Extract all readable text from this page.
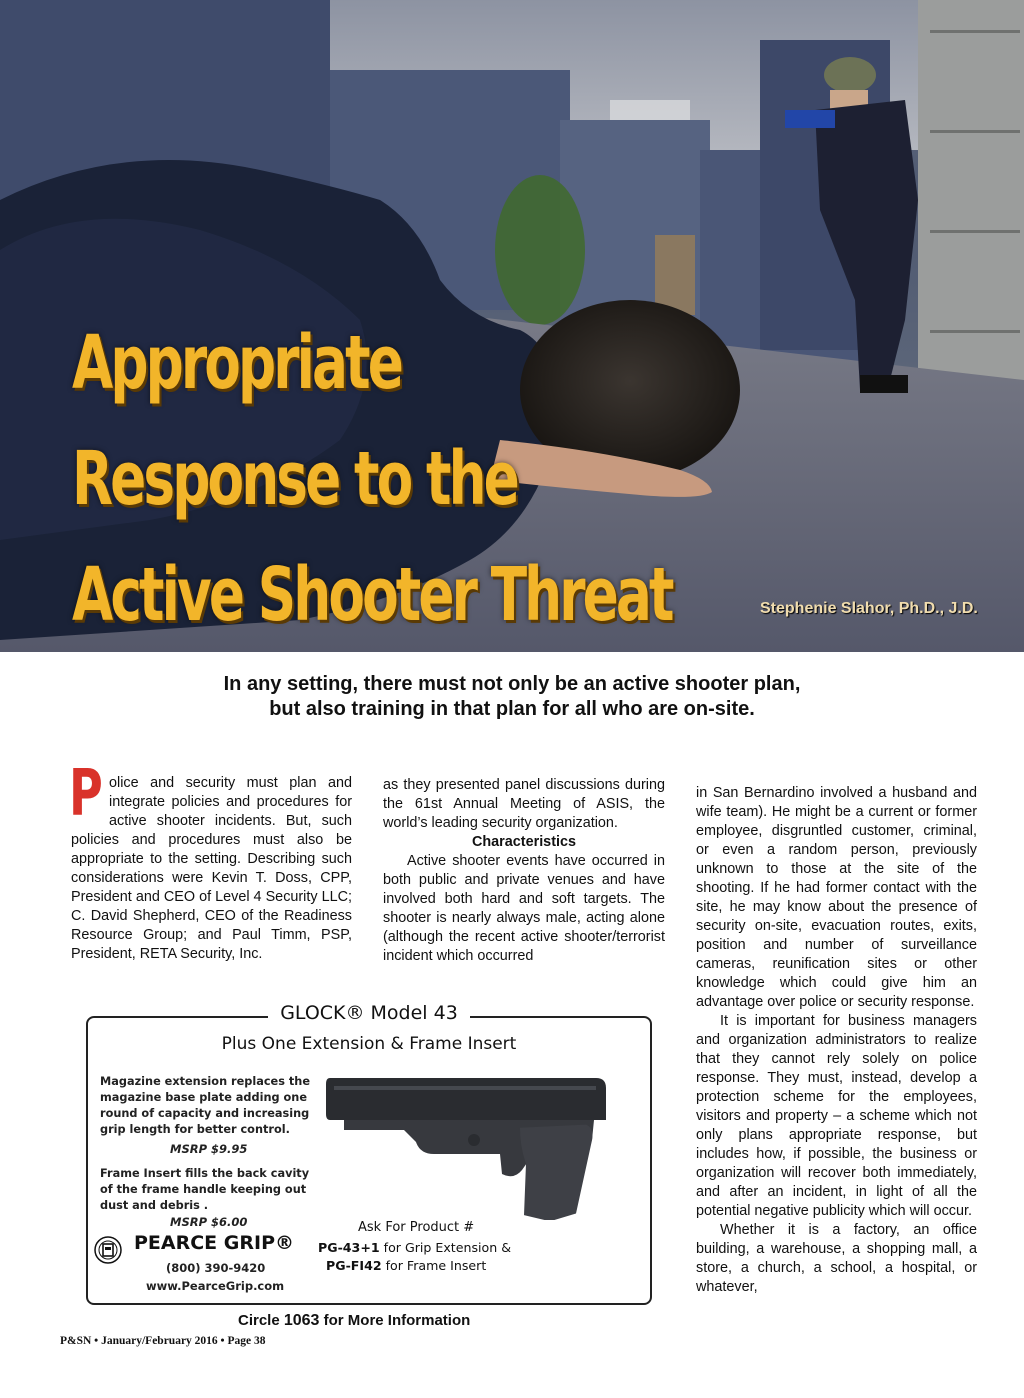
Appropriate
Response to the
Active Shooter Threat	Stephenie Slahor, Ph.D., J.D.

In any setting, there must not only be an active shooter plan,
but also training in that plan for all who are on-site.

P olice and security must plan and integrate policies and procedures for active shooter incidents. But, such policies and procedures must also be appropriate to the setting. Describing such considerations were Kevin T. Doss, CPP, President and CEO of Level 4 Security LLC; C. David Shepherd, CEO of the Readiness Resource Group; and Paul Timm, PSP, President, RETA Security, Inc.

as they presented panel discussions during the 61st Annual Meeting of ASIS, the world’s leading security organization.

Characteristics

Active shooter events have occurred in both public and private venues and have involved both hard and soft targets. The shooter is nearly always male, acting alone (although the recent active shooter/terrorist incident which occurred

in San Bernardino involved a husband and wife team). He might be a current or former employee, disgruntled customer, criminal, or even a random person, previously unknown to those at the site of the shooting. If he had former contact with the site, he may know about the presence of security on-site, evacuation routes, exits, position and number of surveillance cameras, reunification sites or other knowledge which could give him an advantage over police or security response.

It is important for business managers and organization administrators to realize that they cannot rely solely on police response. They must, instead, develop a protection scheme for the employees, visitors and property – a scheme which not only plans appropriate response, but includes how, if possible, the business or organization will recover both immediately, and after an incident, in light of all the potential negative publicity which will occur.

Whether it is a factory, an office building, a warehouse, a shopping mall, a store, a church, a school, a hospital, or whatever,

GLOCK® Model 43

Plus One Extension & Frame Insert

Magazine extension replaces the magazine base plate adding one round of capacity and increasing grip length for better control.

MSRP $9.95

Frame Insert fills the back cavity of the frame handle keeping out dust and debris .

MSRP $6.00

PEARCE GRIP®

(800) 390-9420

www.PearceGrip.com

Ask For Product #

PG-43+1 for Grip Extension &

PG-FI42 for Frame Insert

Circle 1063 for More Information

P&SN • January/February 2016 • Page 38
